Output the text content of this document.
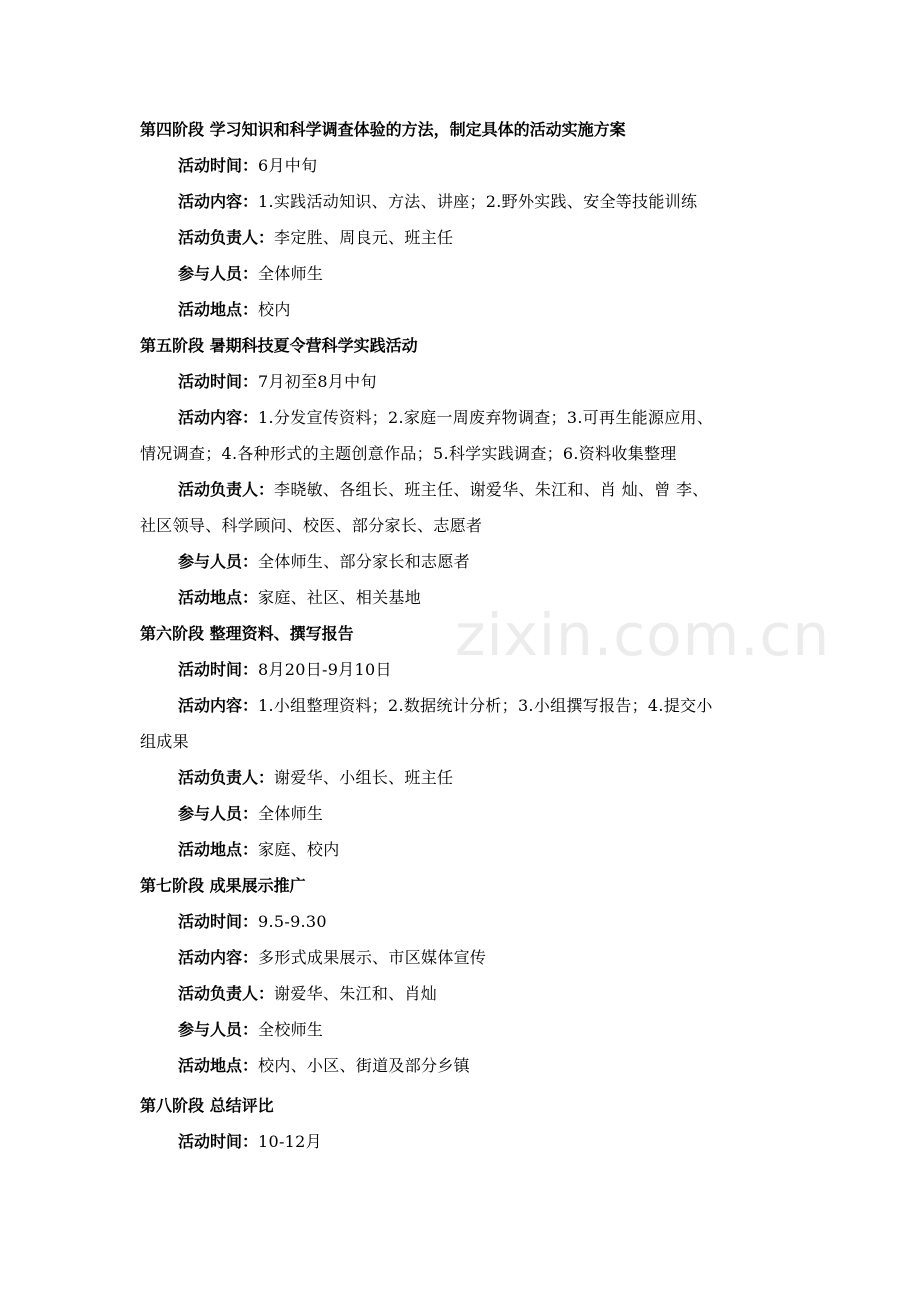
zixin.com.cn
第四阶段 学习知识和科学调查体验的方法，制定具体的活动实施方案
活动时间：6月中旬
活动内容：1.实践活动知识、方法、讲座；2.野外实践、安全等技能训练
活动负责人：李定胜、周良元、班主任
参与人员：全体师生
活动地点：校内
第五阶段 暑期科技夏令营科学实践活动
活动时间：7月初至8月中旬
活动内容：1.分发宣传资料；2.家庭一周废弃物调查；3.可再生能源应用、
情况调查；4.各种形式的主题创意作品；5.科学实践调查；6.资料收集整理
活动负责人：李晓敏、各组长、班主任、谢爱华、朱江和、肖 灿、曾 李、
社区领导、科学顾问、校医、部分家长、志愿者
参与人员：全体师生、部分家长和志愿者
活动地点：家庭、社区、相关基地
第六阶段 整理资料、撰写报告
活动时间：8月20日-9月10日
活动内容：1.小组整理资料；2.数据统计分析；3.小组撰写报告；4.提交小
组成果
活动负责人：谢爱华、小组长、班主任
参与人员：全体师生
活动地点：家庭、校内
第七阶段 成果展示推广
活动时间：9.5-9.30
活动内容：多形式成果展示、市区媒体宣传
活动负责人：谢爱华、朱江和、肖灿
参与人员：全校师生
活动地点：校内、小区、街道及部分乡镇
第八阶段 总结评比
活动时间：10-12月
